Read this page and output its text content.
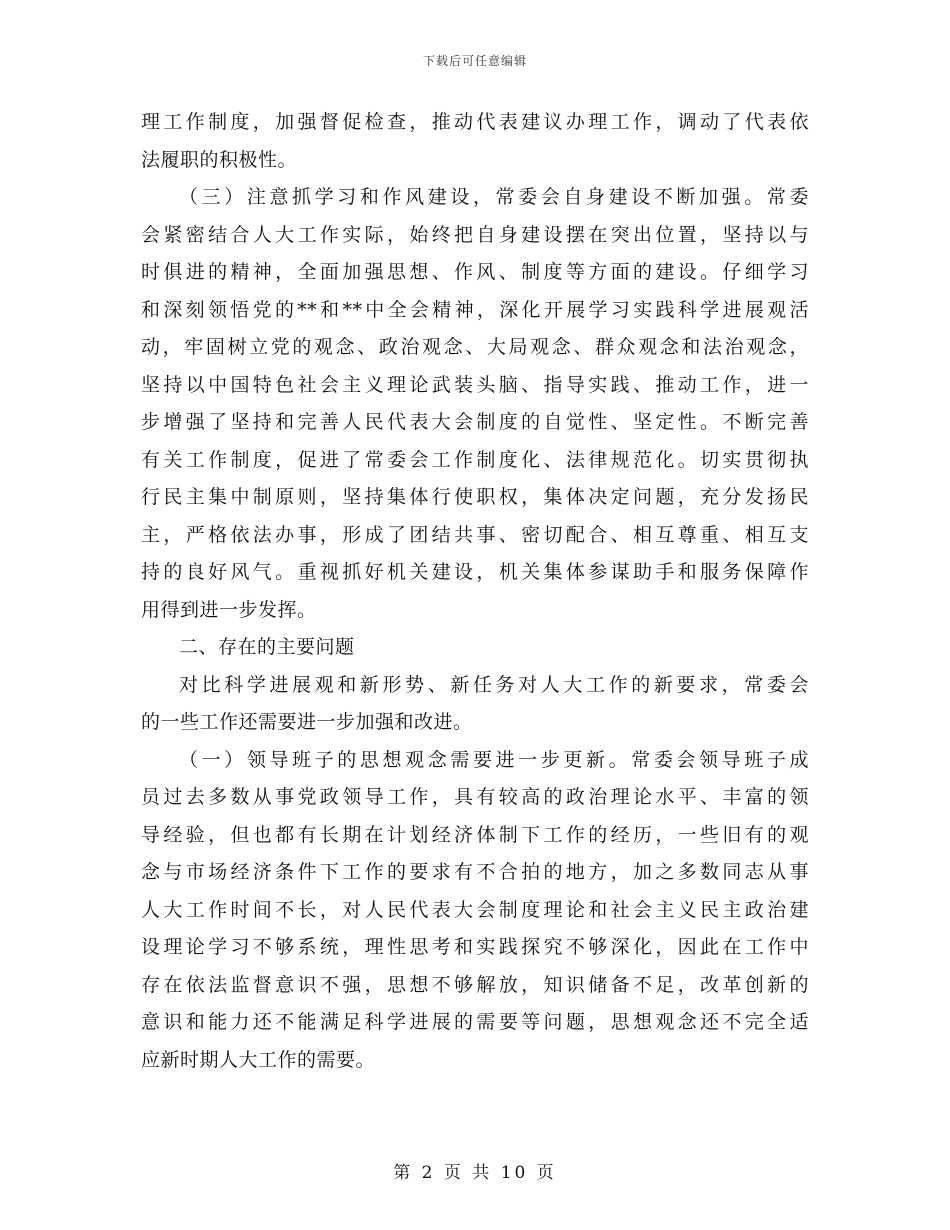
下载后可任意编辑
理工作制度，加强督促检查，推动代表建议办理工作，调动了代表依
法履职的积极性。
（三）注意抓学习和作风建设，常委会自身建设不断加强。常委
会紧密结合人大工作实际，始终把自身建设摆在突出位置，坚持以与
时俱进的精神，全面加强思想、作风、制度等方面的建设。仔细学习
和深刻领悟党的**和**中全会精神，深化开展学习实践科学进展观活
动，牢固树立党的观念、政治观念、大局观念、群众观念和法治观念，
坚持以中国特色社会主义理论武装头脑、指导实践、推动工作，进一
步增强了坚持和完善人民代表大会制度的自觉性、坚定性。不断完善
有关工作制度，促进了常委会工作制度化、法律规范化。切实贯彻执
行民主集中制原则，坚持集体行使职权，集体决定问题，充分发扬民
主，严格依法办事，形成了团结共事、密切配合、相互尊重、相互支
持的良好风气。重视抓好机关建设，机关集体参谋助手和服务保障作
用得到进一步发挥。
二、存在的主要问题
对比科学进展观和新形势、新任务对人大工作的新要求，常委会
的一些工作还需要进一步加强和改进。
（一）领导班子的思想观念需要进一步更新。常委会领导班子成
员过去多数从事党政领导工作，具有较高的政治理论水平、丰富的领
导经验，但也都有长期在计划经济体制下工作的经历，一些旧有的观
念与市场经济条件下工作的要求有不合拍的地方，加之多数同志从事
人大工作时间不长，对人民代表大会制度理论和社会主义民主政治建
设理论学习不够系统，理性思考和实践探究不够深化，因此在工作中
存在依法监督意识不强，思想不够解放，知识储备不足，改革创新的
意识和能力还不能满足科学进展的需要等问题，思想观念还不完全适
应新时期人大工作的需要。
第 2 页 共 10 页
